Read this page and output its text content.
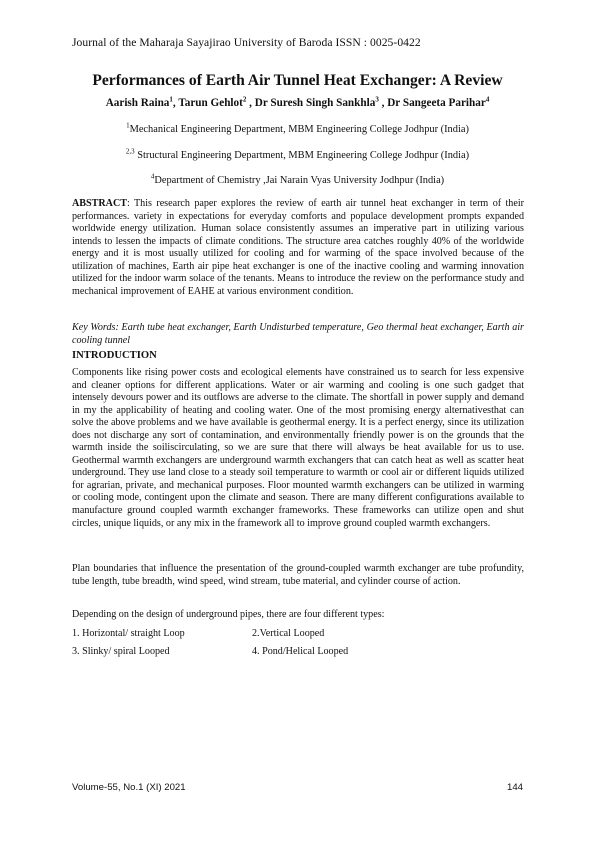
Journal of the Maharaja Sayajirao University of Baroda ISSN : 0025-0422
Performances of Earth Air Tunnel Heat Exchanger: A Review
Aarish Raina$^1$, Tarun Gehlot$^2$ , Dr Suresh Singh Sankhla$^3$ , Dr Sangeeta Parihar$^4$
$^1$Mechanical Engineering Department, MBM Engineering College Jodhpur (India)
$^{2,3}$ Structural Engineering Department, MBM Engineering College Jodhpur (India)
$^4$Department of Chemistry ,Jai Narain Vyas University Jodhpur (India)

ABSTRACT: This research paper explores the review of earth air tunnel heat exchanger in term of their performances. variety in expectations for everyday comforts and populace development prompts expanded worldwide energy utilization. Human solace consistently assumes an imperative part in utilizing various intends to lessen the impacts of climate conditions. The structure area catches roughly 40% of the worldwide energy and it is most usually utilized for cooling and for warming of the space involved because of the utilization of machines, Earth air pipe heat exchanger is one of the inactive cooling and warming innovation utilized for the indoor warm solace of the tenants. Means to introduce the review on the performance study and mechanical improvement of EAHE at various environment condition.

Key Words: Earth tube heat exchanger, Earth Undisturbed temperature, Geo thermal heat exchanger, Earth air cooling tunnel
INTRODUCTION

Components like rising power costs and ecological elements have constrained us to search for less expensive and cleaner options for different applications. Water or air warming and cooling is one such gadget that intensely devours power and its outflows are adverse to the climate. The shortfall in power supply and demand in my the applicability of heating and cooling water. One of the most promising energy alternativesthat can solve the above problems and we have available is geothermal energy. It is a perfect energy, since its utilization does not discharge any sort of contamination, and environmentally friendly power is on the grounds that the warmth inside the soiliscirculating, so we are sure that there will always be heat available for us to use. Geothermal warmth exchangers are underground warmth exchangers that can catch heat as well as scatter heat underground. They use land close to a steady soil temperature to warmth or cool air or different liquids utilized for agrarian, private, and mechanical purposes. Floor mounted warmth exchangers can be utilized in warming or cooling mode, contingent upon the climate and season. There are many different configurations available to manufacture ground coupled warmth exchanger frameworks. These frameworks can utilize open and shut circles, unique liquids, or any mix in the framework all to improve ground coupled warmth exchangers.

Plan boundaries that influence the presentation of the ground-coupled warmth exchanger are tube profundity, tube length, tube breadth, wind speed, wind stream, tube material, and cylinder course of action.

Depending on the design of underground pipes, there are four different types:

1. Horizontal/ straight Loop	2.Vertical Looped
3. Slinky/ spiral Looped	4. Pond/Helical Looped
Volume-55, No.1 (XI) 2021	144
